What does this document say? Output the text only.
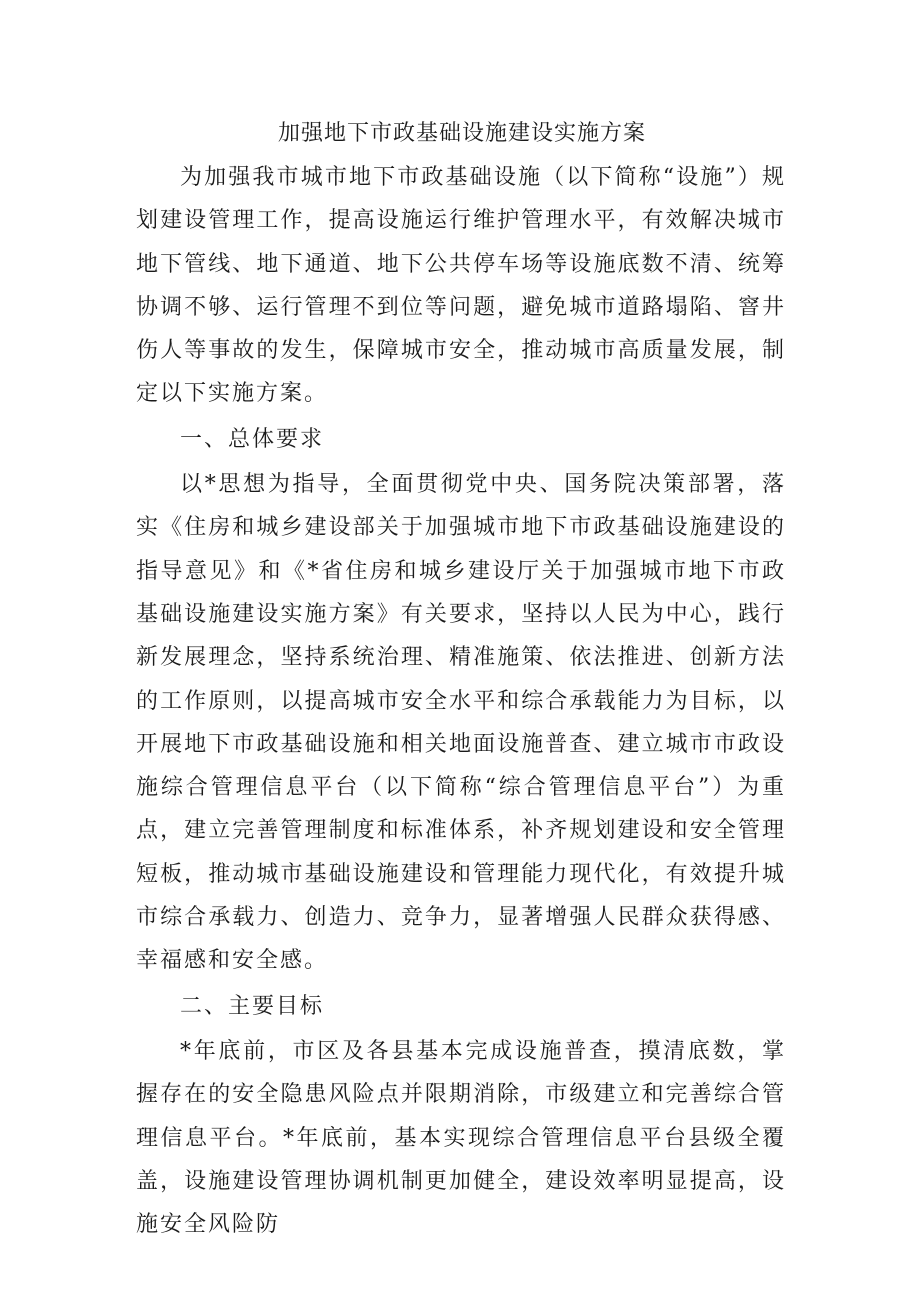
加强地下市政基础设施建设实施方案

为加强我市城市地下市政基础设施（以下简称“设施”）规划建设管理工作，提高设施运行维护管理水平，有效解决城市地下管线、地下通道、地下公共停车场等设施底数不清、统筹协调不够、运行管理不到位等问题，避免城市道路塌陷、窨井伤人等事故的发生，保障城市安全，推动城市高质量发展，制定以下实施方案。

一、总体要求

以*思想为指导，全面贯彻党中央、国务院决策部署，落实《住房和城乡建设部关于加强城市地下市政基础设施建设的指导意见》和《*省住房和城乡建设厅关于加强城市地下市政基础设施建设实施方案》有关要求，坚持以人民为中心，践行新发展理念，坚持系统治理、精准施策、依法推进、创新方法的工作原则，以提高城市安全水平和综合承载能力为目标，以开展地下市政基础设施和相关地面设施普查、建立城市市政设施综合管理信息平台（以下简称“综合管理信息平台”）为重点，建立完善管理制度和标准体系，补齐规划建设和安全管理短板，推动城市基础设施建设和管理能力现代化，有效提升城市综合承载力、创造力、竞争力，显著增强人民群众获得感、幸福感和安全感。

二、主要目标

*年底前，市区及各县基本完成设施普查，摸清底数，掌握存在的安全隐患风险点并限期消除，市级建立和完善综合管理信息平台。*年底前，基本实现综合管理信息平台县级全覆盖，设施建设管理协调机制更加健全，建设效率明显提高，设施安全风险防
